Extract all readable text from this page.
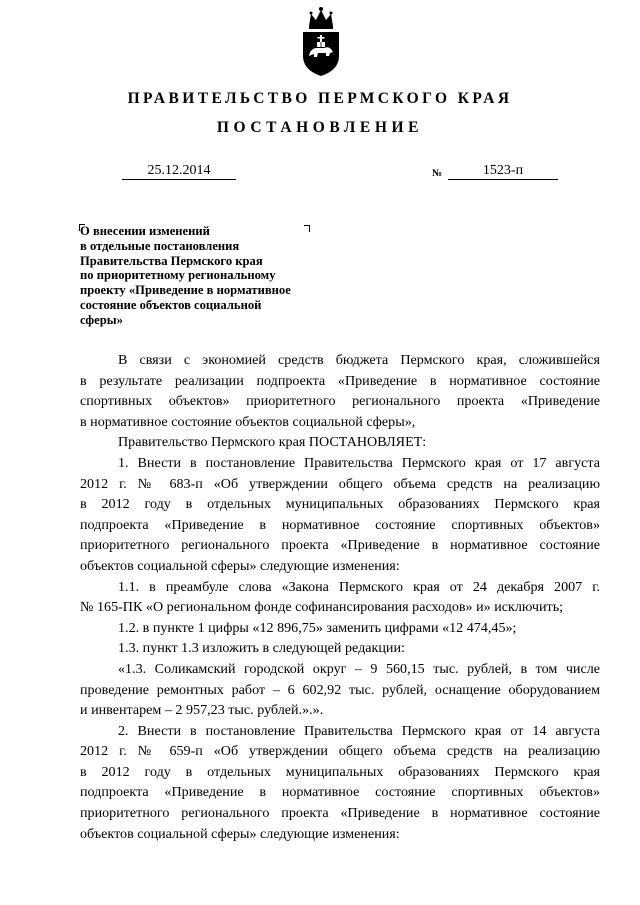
ПРАВИТЕЛЬСТВО ПЕРМСКОГО КРАЯ
ПОСТАНОВЛЕНИЕ
25.12.2014	№	1523-п
О внесении изменений
в отдельные постановления
Правительства Пермского края
по приоритетному региональному
проекту «Приведение в нормативное
состояние объектов социальной
сферы»
В связи с экономией средств бюджета Пермского края, сложившейся
в результате реализации подпроекта «Приведение в нормативное состояние
спортивных объектов» приоритетного регионального проекта «Приведение
в нормативное состояние объектов социальной сферы»,

Правительство Пермского края ПОСТАНОВЛЯЕТ:

1. Внести в постановление Правительства Пермского края от 17 августа
2012 г. № 683-п «Об утверждении общего объема средств на реализацию
в 2012 году в отдельных муниципальных образованиях Пермского края
подпроекта «Приведение в нормативное состояние спортивных объектов»
приоритетного регионального проекта «Приведение в нормативное состояние
объектов социальной сферы» следующие изменения:
1.1. в преамбуле слова «Закона Пермского края от 24 декабря 2007 г.
№ 165-ПК «О региональном фонде софинансирования расходов» и» исключить;

1.2. в пункте 1 цифры «12 896,75» заменить цифрами «12 474,45»;

1.3. пункт 1.3 изложить в следующей редакции:

«1.3. Соликамский городской округ – 9 560,15 тыс. рублей, в том числе
проведение ремонтных работ – 6 602,92 тыс. рублей, оснащение оборудованием
и инвентарем – 2 957,23 тыс. рублей.».».
2. Внести в постановление Правительства Пермского края от 14 августа
2012 г. № 659-п «Об утверждении общего объема средств на реализацию
в 2012 году в отдельных муниципальных образованиях Пермского края
подпроекта «Приведение в нормативное состояние спортивных объектов»
приоритетного регионального проекта «Приведение в нормативное состояние
объектов социальной сферы» следующие изменения:
